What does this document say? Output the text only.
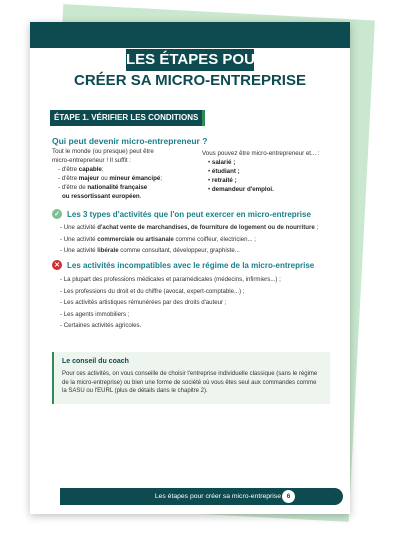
LES ÉTAPES POUR
CRÉER SA MICRO-ENTREPRISE
ÉTAPE 1. VÉRIFIER LES CONDITIONS
Qui peut devenir micro-entrepreneur ?
Tout le monde (ou presque) peut être
micro-entrepreneur ! Il suffit :
- d'être capable;
- d'être majeur ou mineur émancipé;
- d'être de nationalité française
ou ressortissant européen.
Vous pouvez être micro-entrepreneur et... :
• salarié ;
• étudiant ;
• retraité ;
• demandeur d'emploi.
✓ Les 3 types d'activités que l'on peut exercer en micro-entreprise
- Une activité d'achat vente de marchandises, de fourniture de logement ou de nourriture ;
- Une activité commerciale ou artisanale comme coiffeur, électricien... ;
- Une activité libérale comme consultant, développeur, graphiste...
✕ Les activités incompatibles avec le régime de la micro-entreprise
- La plupart des professions médicales et paramédicales (médecins, infirmiers...) ;
- Les professions du droit et du chiffre (avocat, expert-comptable...) ;
- Les activités artistiques rémunérées par des droits d'auteur ;
- Les agents immobiliers ;
- Certaines activités agricoles.
Le conseil du coach
Pour ces activités, on vous conseille de choisir l'entreprise individuelle classique (sans le régime
de la micro-entreprise) ou bien une forme de société où vous êtes seul aux commandes comme
la SASU ou l'EURL (plus de détails dans le chapitre 2).
Les étapes pour créer sa micro-entreprise 6
